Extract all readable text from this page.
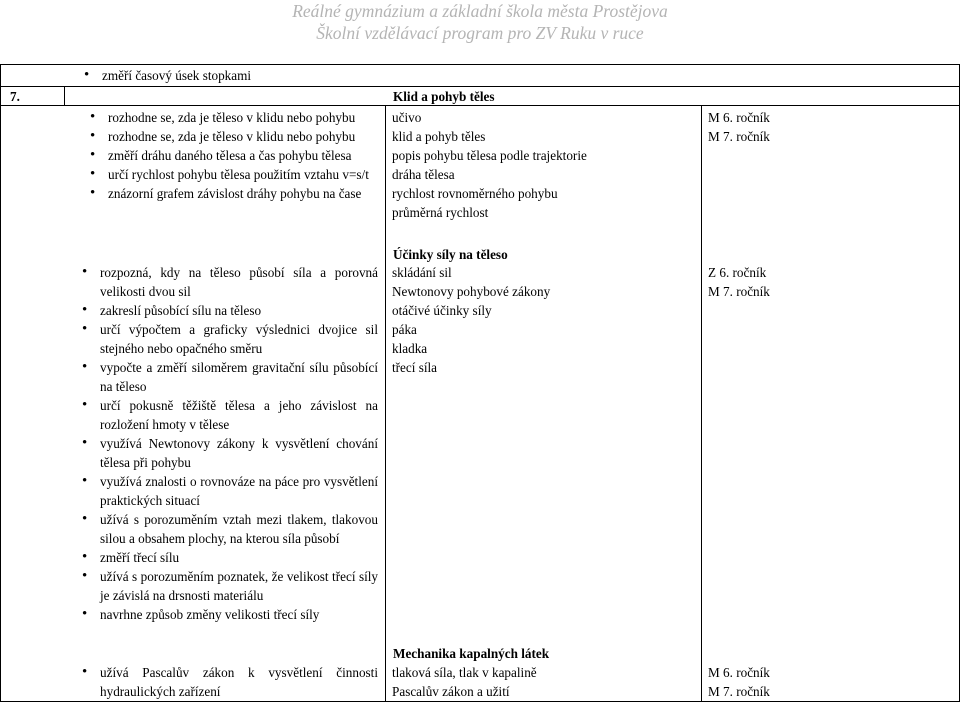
Reálné gymnázium a základní škola města Prostějova
Školní vzdělávací program pro ZV Ruku v ruce
• změří časový úsek stopkami
7.	Klid a pohyb těles
• rozhodne se, zda je těleso v klidu nebo pohybu
• rozhodne se, zda je těleso v klidu nebo pohybu
• změří dráhu daného tělesa a čas pohybu tělesa
• určí rychlost pohybu tělesa použitím vztahu v=s/t
• znázorní grafem závislost dráhy pohybu na čase
učivo
klid a pohyb těles
popis pohybu tělesa podle trajektorie
dráha tělesa
rychlost rovnoměrného pohybu
průměrná rychlost
M 6. ročník
M 7. ročník
Účinky síly na těleso
• rozpozná, kdy na těleso působí síla a porovná velikosti dvou sil
• zakreslí působící sílu na těleso
• určí výpočtem a graficky výslednici dvojice sil stejného nebo opačného směru
• vypočte a změří siloměrem gravitační sílu působící na těleso
• určí pokusně těžiště tělesa a jeho závislost na rozložení hmoty v tělese
• využívá Newtonovy zákony k vysvětlení chování tělesa při pohybu
• využívá znalosti o rovnováze na páce pro vysvětlení praktických situací
• užívá s porozuměním vztah mezi tlakem, tlakovou silou a obsahem plochy, na kterou síla působí
• změří třecí sílu
• užívá s porozuměním poznatek, že velikost třecí síly je závislá na drsnosti materiálu
• navrhne způsob změny velikosti třecí síly
skládání sil
Newtonovy pohybové zákony
otáčivé účinky síly
páka
kladka
třecí síla
Z 6. ročník
M 7. ročník
Mechanika kapalných látek
• užívá Pascalův zákon k vysvětlení činnosti hydraulických zařízení
tlaková síla, tlak v kapalině
Pascalův zákon a užití
M 6. ročník
M 7. ročník
